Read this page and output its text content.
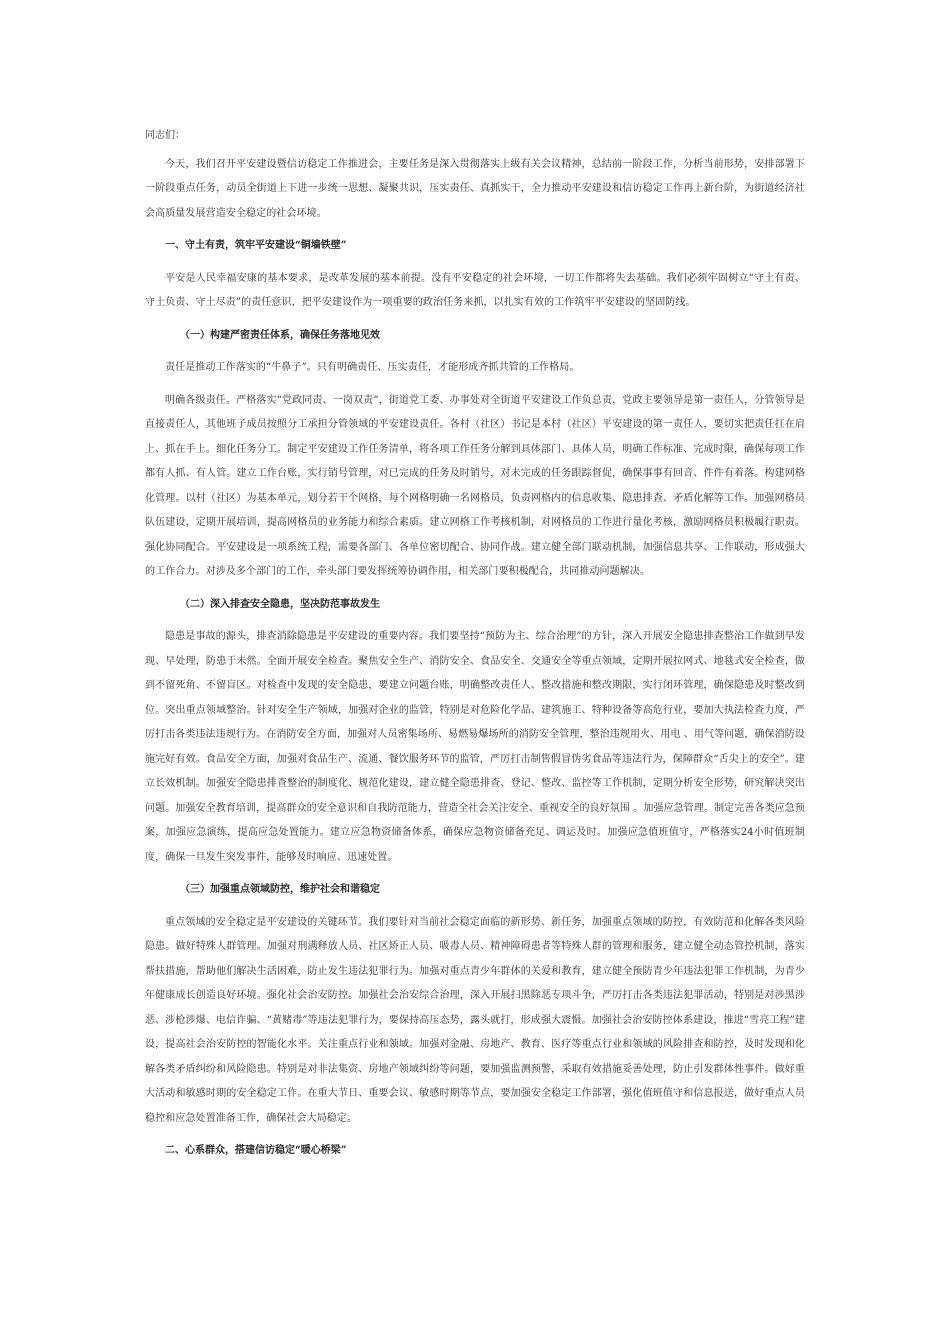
同志们：

今天，我们召开平安建设暨信访稳定工作推进会，主要任务是深入贯彻落实上级有关会议精神，总结前一阶段工作，分析当前形势，安排部署下一阶段重点任务，动员全街道上下进一步统一思想、凝聚共识，压实责任、真抓实干，全力推动平安建设和信访稳定工作再上新台阶，为街道经济社会高质量发展营造安全稳定的社会环境。

一、守土有责，筑牢平安建设“铜墙铁壁”

平安是人民幸福安康的基本要求，是改革发展的基本前提。没有平安稳定的社会环境，一切工作都将失去基础。我们必须牢固树立“守土有责、守土负责、守土尽责”的责任意识，把平安建设作为一项重要的政治任务来抓，以扎实有效的工作筑牢平安建设的坚固防线。

（一）构建严密责任体系，确保任务落地见效

责任是推动工作落实的“牛鼻子”。只有明确责任、压实责任，才能形成齐抓共管的工作格局。

明确各级责任。严格落实“党政同责、一岗双责”，街道党工委、办事处对全街道平安建设工作负总责，党政主要领导是第一责任人，分管领导是直接责任人，其他班子成员按照分工承担分管领域的平安建设责任。各村（社区）书记是本村（社区）平安建设的第一责任人，要切实把责任扛在肩上、抓在手上。细化任务分工。制定平安建设工作任务清单，将各项工作任务分解到具体部门、具体人员，明确工作标准、完成时限，确保每项工作都有人抓、有人管。建立工作台账，实行销号管理，对已完成的任务及时销号，对未完成的任务跟踪督促，确保事事有回音、件件有着落。构建网格化管理。以村（社区）为基本单元，划分若干个网格，每个网格明确一名网格员，负责网格内的信息收集、隐患排查、矛盾化解等工作。加强网格员队伍建设，定期开展培训，提高网格员的业务能力和综合素质。建立网格工作考核机制，对网格员的工作进行量化考核，激励网格员积极履行职责。强化协同配合。平安建设是一项系统工程，需要各部门、各单位密切配合、协同作战。建立健全部门联动机制，加强信息共享、工作联动，形成强大的工作合力。对涉及多个部门的工作，牵头部门要发挥统筹协调作用，相关部门要积极配合，共同推动问题解决。

（二）深入排查安全隐患，坚决防范事故发生

隐患是事故的源头，排查消除隐患是平安建设的重要内容。我们要坚持“预防为主、综合治理”的方针，深入开展安全隐患排查整治工作做到早发现、早处理，防患于未然。全面开展安全检查。聚焦安全生产、消防安全、食品安全、交通安全等重点领域，定期开展拉网式、地毯式安全检查，做到不留死角、不留盲区。对检查中发现的安全隐患，要建立问题台账，明确整改责任人、整改措施和整改期限，实行闭环管理，确保隐患及时整改到位。突出重点领域整治。针对安全生产领域，加强对企业的监管，特别是对危险化学品、建筑施工、特种设备等高危行业，要加大执法检查力度，严厉打击各类违法违规行为。在消防安全方面，加强对人员密集场所、易燃易爆场所的消防安全管理，整治违规用火、用电 、用气等问题，确保消防设施完好有效。食品安全方面，加强对食品生产、流通、餐饮服务环节的监管，严厉打击制售假冒伪劣食品等违法行为，保障群众“舌尖上的安全”。建立长效机制。加强安全隐患排查整治的制度化、规范化建设，建立健全隐患排查、登记、整改、监控等工作机制，定期分析安全形势，研究解决突出问题。加强安全教育培训，提高群众的安全意识和自我防范能力，营造全社会关注安全、重视安全的良好氛围 。加强应急管理。制定完善各类应急预案，加强应急演练，提高应急处置能力。建立应急物资储备体系，确保应急物资储备充足、调运及时。加强应急值班值守，严格落实24小时值班制度，确保一旦发生突发事件，能够及时响应、迅速处置。

（三）加强重点领域防控，维护社会和谐稳定

重点领域的安全稳定是平安建设的关键环节。我们要针对当前社会稳定面临的新形势、新任务，加强重点领域的防控，有效防范和化解各类风险隐患。做好特殊人群管理。加强对刑满释放人员、社区矫正人员、吸毒人员、精神障碍患者等特殊人群的管理和服务，建立健全动态管控机制，落实帮扶措施，帮助他们解决生活困难，防止发生违法犯罪行为。加强对重点青少年群体的关爱和教育，建立健全预防青少年违法犯罪工作机制，为青少年健康成长创造良好环境。强化社会治安防控。加强社会治安综合治理，深入开展扫黑除恶专项斗争，严厉打击各类违法犯罪活动，特别是对涉黑涉恶、涉枪涉爆、电信诈骗、“黄赌毒”等违法犯罪行为，要保持高压态势，露头就打，形成强大震慑。加强社会治安防控体系建设，推进“雪亮工程”建设，提高社会治安防控的智能化水平。关注重点行业和领域。加强对金融、房地产、教育、医疗等重点行业和领域的风险排查和防控，及时发现和化解各类矛盾纠纷和风险隐患。特别是对非法集资、房地产领域纠纷等问题，要加强监测预警，采取有效措施妥善处理，防止引发群体性事件。做好重大活动和敏感时期的安全稳定工作。在重大节日、重要会议、敏感时期等节点，要加强安全稳定工作部署，强化值班值守和信息报送，做好重点人员稳控和应急处置准备工作，确保社会大局稳定。

二、心系群众，搭建信访稳定“暖心桥梁”
